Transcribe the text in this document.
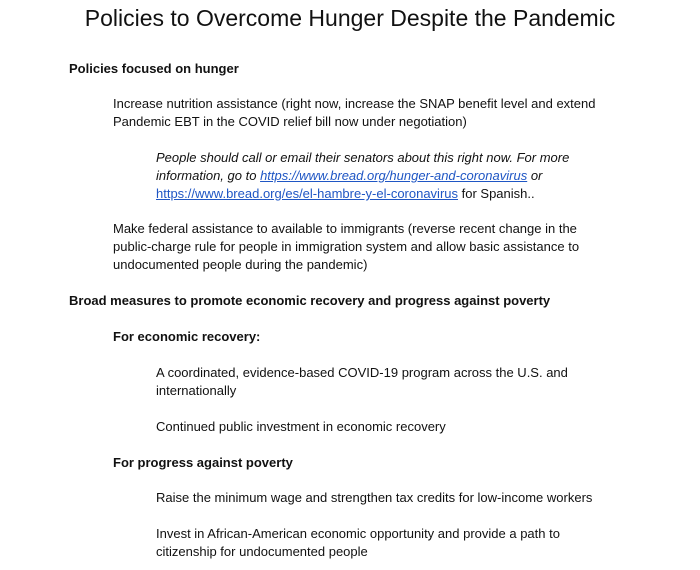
Policies to Overcome Hunger Despite the Pandemic

Policies focused on hunger

Increase nutrition assistance (right now, increase the SNAP benefit level and extend Pandemic EBT in the COVID relief bill now under negotiation)

People should call or email their senators about this right now. For more information, go to https://www.bread.org/hunger-and-coronavirus or
https://www.bread.org/es/el-hambre-y-el-coronavirus for Spanish..

Make federal assistance to available to immigrants (reverse recent change in the public-charge rule for people in immigration system and allow basic assistance to undocumented people during the pandemic)

Broad measures to promote economic recovery and progress against poverty

For economic recovery:

A coordinated, evidence-based COVID-19 program across the U.S. and internationally

Continued public investment in economic recovery

For progress against poverty

Raise the minimum wage and strengthen tax credits for low-income workers

Invest in African-American economic opportunity and provide a path to citizenship for undocumented people
